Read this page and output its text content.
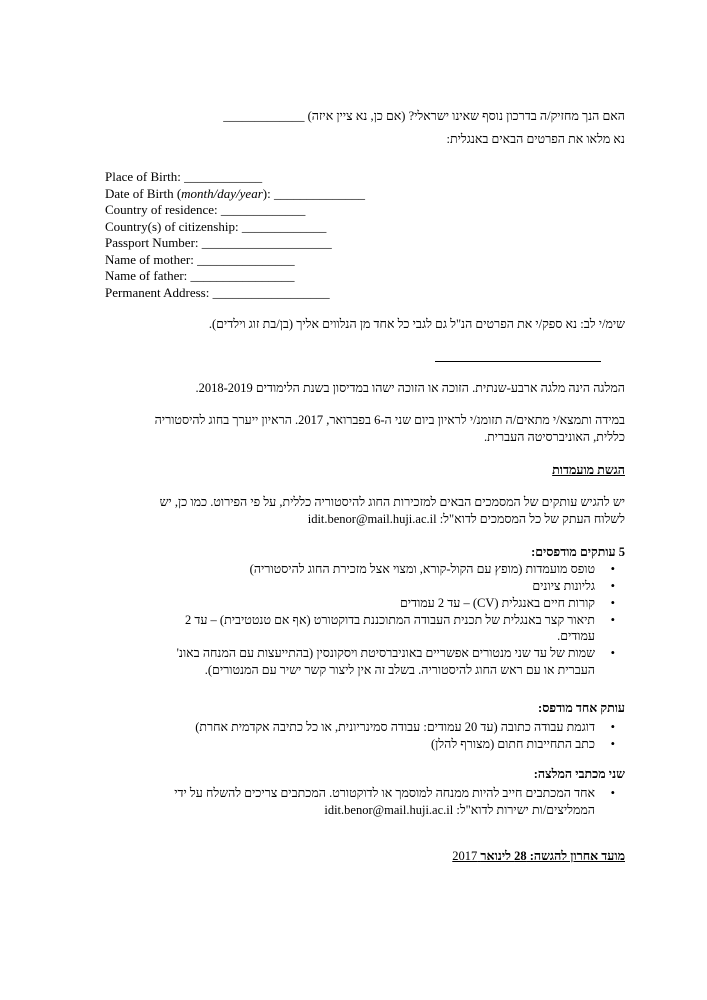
האם הנך מחזיק/ה בדרכון נוסף שאינו ישראלי? (אם כן, נא ציין איזה) _____________
נא מלאו את הפרטים הבאים באנגלית:
Place of Birth: ____________
Date of Birth (month/day/year): ______________
Country of residence: _____________
Country(s) of citizenship: _____________
Passport Number: ____________________
Name of mother: _______________
Name of father: ________________
Permanent Address: __________________
שימ/י לב: נא ספק/י את הפרטים הנ"ל גם לגבי כל אחד מן הנלווים אליך (בן/בת זוג וילדים).
המלגה הינה מלגה ארבע-שנתית. הזוכה או הזוכה ישהו במדיסון בשנת הלימודים 2018-2019.
במידה ותמצא/י מתאים/ה תזומנ/י לראיון ביום שני ה-6 בפברואר, 2017. הראיון ייערך בחוג להיסטוריה
כללית, האוניברסיטה העברית.
הגשת מועמדות
יש להגיש עותקים של המסמכים הבאים למזכירות החוג להיסטוריה כללית, על פי הפירוט. כמו כן, יש
לשלוח העתק של כל המסמכים לדוא"ל: idit.benor@mail.huji.ac.il
5 עותקים מודפסים:
•
טופס מועמדות (מופץ עם הקול-קורא, ומצוי אצל מזכירת החוג להיסטוריה)
•
גליונות ציונים
•
קורות חיים באנגלית (CV) – עד 2 עמודים
•
תיאור קצר באנגלית של תכנית העבודה המתוכננת בדוקטורט (אף אם טנטטיבית) – עד 2
עמודים.
•
שמות של עד שני מנטורים אפשריים באוניברסיטת ויסקונסין (בהתייעצות עם המנחה באונ'
העברית או עם ראש החוג להיסטוריה. בשלב זה אין ליצור קשר ישיר עם המנטורים).
עותק אחד מודפס:
•
דוגמת עבודה כתובה (עד 20 עמודים: עבודה סמינריונית, או כל כתיבה אקדמית אחרת)
•
כתב התחייבות חתום (מצורף להלן)
שני מכתבי המלצה:
•
אחד המכתבים חייב להיות ממנחה למוסמך או לדוקטורט. המכתבים צריכים להשלח על ידי
הממליצים/ות ישירות לדוא"ל: idit.benor@mail.huji.ac.il
מועד אחרון להגשה: 28 לינואר 2017
